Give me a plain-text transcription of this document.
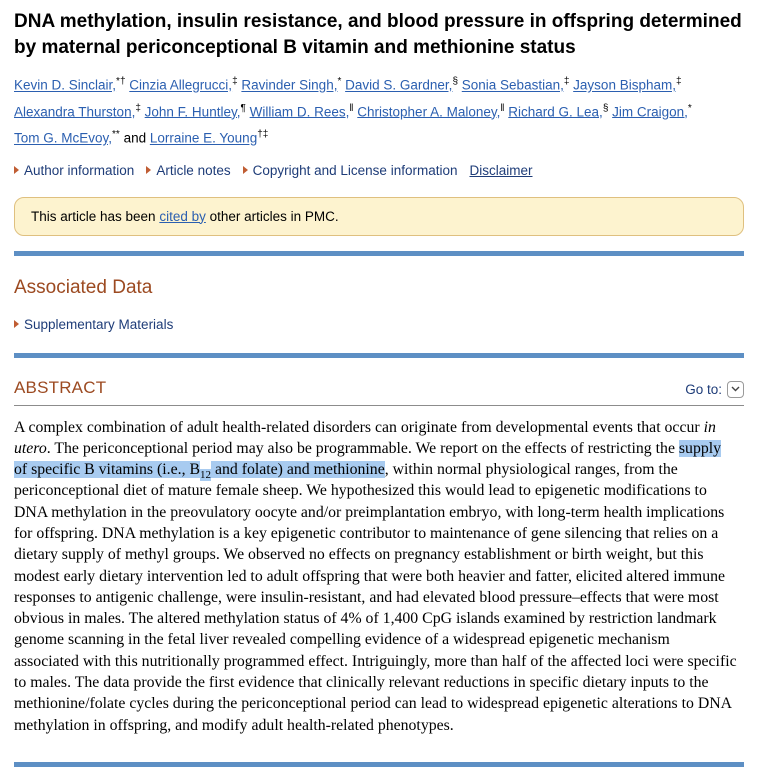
DNA methylation, insulin resistance, and blood pressure in offspring determined by maternal periconceptional B vitamin and methionine status
Kevin D. Sinclair,*† Cinzia Allegrucci,‡ Ravinder Singh,* David S. Gardner,§ Sonia Sebastian,‡ Jayson Bispham,‡
Alexandra Thurston,‡ John F. Huntley,¶ William D. Rees,‖ Christopher A. Maloney,‖ Richard G. Lea,§ Jim Craigon,*
Tom G. McEvoy,** and Lorraine E. Young†‡
Author information Article notes Copyright and License information Disclaimer
This article has been cited by other articles in PMC.
Associated Data
Supplementary Materials
ABSTRACT	Go to:

A complex combination of adult health-related disorders can originate from developmental events that occur in utero. The periconceptional period may also be programmable. We report on the effects of restricting the supply of specific B vitamins (i.e., $B_{12}$ and folate) and methionine, within normal physiological ranges, from the periconceptional diet of mature female sheep. We hypothesized this would lead to epigenetic modifications to DNA methylation in the preovulatory oocyte and/or preimplantation embryo, with long-term health implications for offspring. DNA methylation is a key epigenetic contributor to maintenance of gene silencing that relies on a dietary supply of methyl groups. We observed no effects on pregnancy establishment or birth weight, but this modest early dietary intervention led to adult offspring that were both heavier and fatter, elicited altered immune responses to antigenic challenge, were insulin-resistant, and had elevated blood pressure–effects that were most obvious in males. The altered methylation status of 4% of 1,400 CpG islands examined by restriction landmark genome scanning in the fetal liver revealed compelling evidence of a widespread epigenetic mechanism associated with this nutritionally programmed effect. Intriguingly, more than half of the affected loci were specific to males. The data provide the first evidence that clinically relevant reductions in specific dietary inputs to the methionine/folate cycles during the periconceptional period can lead to widespread epigenetic alterations to DNA methylation in offspring, and modify adult health-related phenotypes.
